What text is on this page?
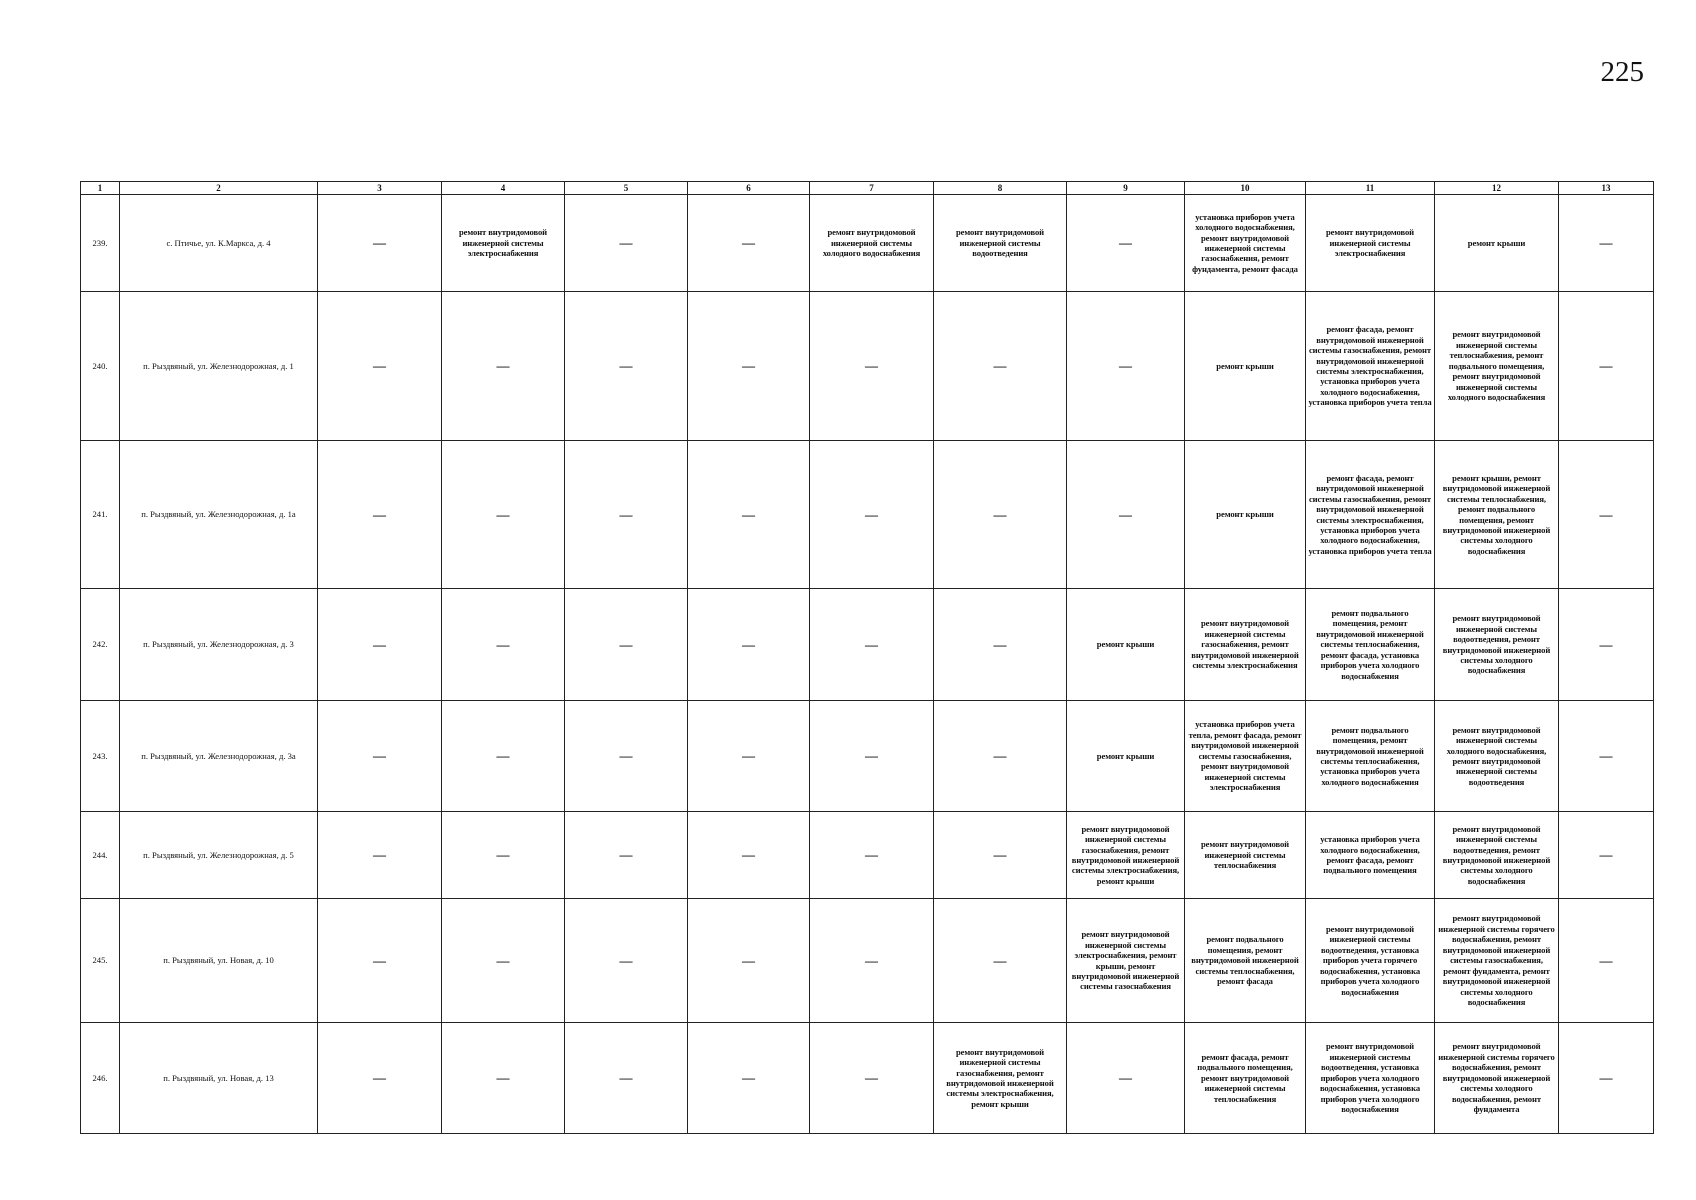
225
1	2	3	4	5	6	7	8	9	10	11	12	13
239.	с. Птичье, ул. К.Маркса, д. 4	—	ремонт внутридомовой инженерной системы электроснабжения	—	—	ремонт внутридомовой инженерной системы холодного водоснабжения	ремонт внутридомовой инженерной системы водоотведения	—	установка приборов учета холодного водоснабжения, ремонт внутридомовой инженерной системы газоснабжения, ремонт фундамента, ремонт фасада	ремонт внутридомовой инженерной системы электроснабжения	ремонт крыши	—
240.	п. Рыздвяный, ул. Железнодорожная, д. 1	—	—	—	—	—	—	—	ремонт крыши	ремонт фасада, ремонт внутридомовой инженерной системы газоснабжения, ремонт внутридомовой инженерной системы электроснабжения, установка приборов учета холодного водоснабжения, установка приборов учета тепла	ремонт внутридомовой инженерной системы теплоснабжения, ремонт подвального помещения, ремонт внутридомовой инженерной системы холодного водоснабжения	—
241.	п. Рыздвяный, ул. Железнодорожная, д. 1а	—	—	—	—	—	—	—	ремонт крыши	ремонт фасада, ремонт внутридомовой инженерной системы газоснабжения, ремонт внутридомовой инженерной системы электроснабжения, установка приборов учета холодного водоснабжения, установка приборов учета тепла	ремонт крыши, ремонт внутридомовой инженерной системы теплоснабжения, ремонт подвального помещения, ремонт внутридомовой инженерной системы холодного водоснабжения	—
242.	п. Рыздвяный, ул. Железнодорожная, д. 3	—	—	—	—	—	—	ремонт крыши	ремонт внутридомовой инженерной системы газоснабжения, ремонт внутридомовой инженерной системы электроснабжения	ремонт подвального помещения, ремонт внутридомовой инженерной системы теплоснабжения, ремонт фасада, установка приборов учета холодного водоснабжения	ремонт внутридомовой инженерной системы водоотведения, ремонт внутридомовой инженерной системы холодного водоснабжения	—
243.	п. Рыздвяный, ул. Железнодорожная, д. 3а	—	—	—	—	—	—	ремонт крыши	установка приборов учета тепла, ремонт фасада, ремонт внутридомовой инженерной системы газоснабжения, ремонт внутридомовой инженерной системы электроснабжения	ремонт подвального помещения, ремонт внутридомовой инженерной системы теплоснабжения, установка приборов учета холодного водоснабжения	ремонт внутридомовой инженерной системы холодного водоснабжения, ремонт внутридомовой инженерной системы водоотведения	—
244.	п. Рыздвяный, ул. Железнодорожная, д. 5	—	—	—	—	—	—	ремонт внутридомовой инженерной системы газоснабжения, ремонт внутридомовой инженерной системы электроснабжения, ремонт крыши	ремонт внутридомовой инженерной системы теплоснабжения	установка приборов учета холодного водоснабжения, ремонт фасада, ремонт подвального помещения	ремонт внутридомовой инженерной системы водоотведения, ремонт внутридомовой инженерной системы холодного водоснабжения	—
245.	п. Рыздвяный, ул. Новая, д. 10	—	—	—	—	—	—	ремонт внутридомовой инженерной системы электроснабжения, ремонт крыши, ремонт внутридомовой инженерной системы газоснабжения	ремонт подвального помещения, ремонт внутридомовой инженерной системы теплоснабжения, ремонт фасада	ремонт внутридомовой инженерной системы водоотведения, установка приборов учета горячего водоснабжения, установка приборов учета холодного водоснабжения	ремонт внутридомовой инженерной системы горячего водоснабжения, ремонт внутридомовой инженерной системы газоснабжения, ремонт фундамента, ремонт внутридомовой инженерной системы холодного водоснабжения	—
246.	п. Рыздвяный, ул. Новая, д. 13	—	—	—	—	—	ремонт внутридомовой инженерной системы газоснабжения, ремонт внутридомовой инженерной системы электроснабжения, ремонт крыши	—	ремонт фасада, ремонт подвального помещения, ремонт внутридомовой инженерной системы теплоснабжения	ремонт внутридомовой инженерной системы водоотведения, установка приборов учета холодного водоснабжения, установка приборов учета холодного водоснабжения	ремонт внутридомовой инженерной системы горячего водоснабжения, ремонт внутридомовой инженерной системы холодного водоснабжения, ремонт фундамента	—
